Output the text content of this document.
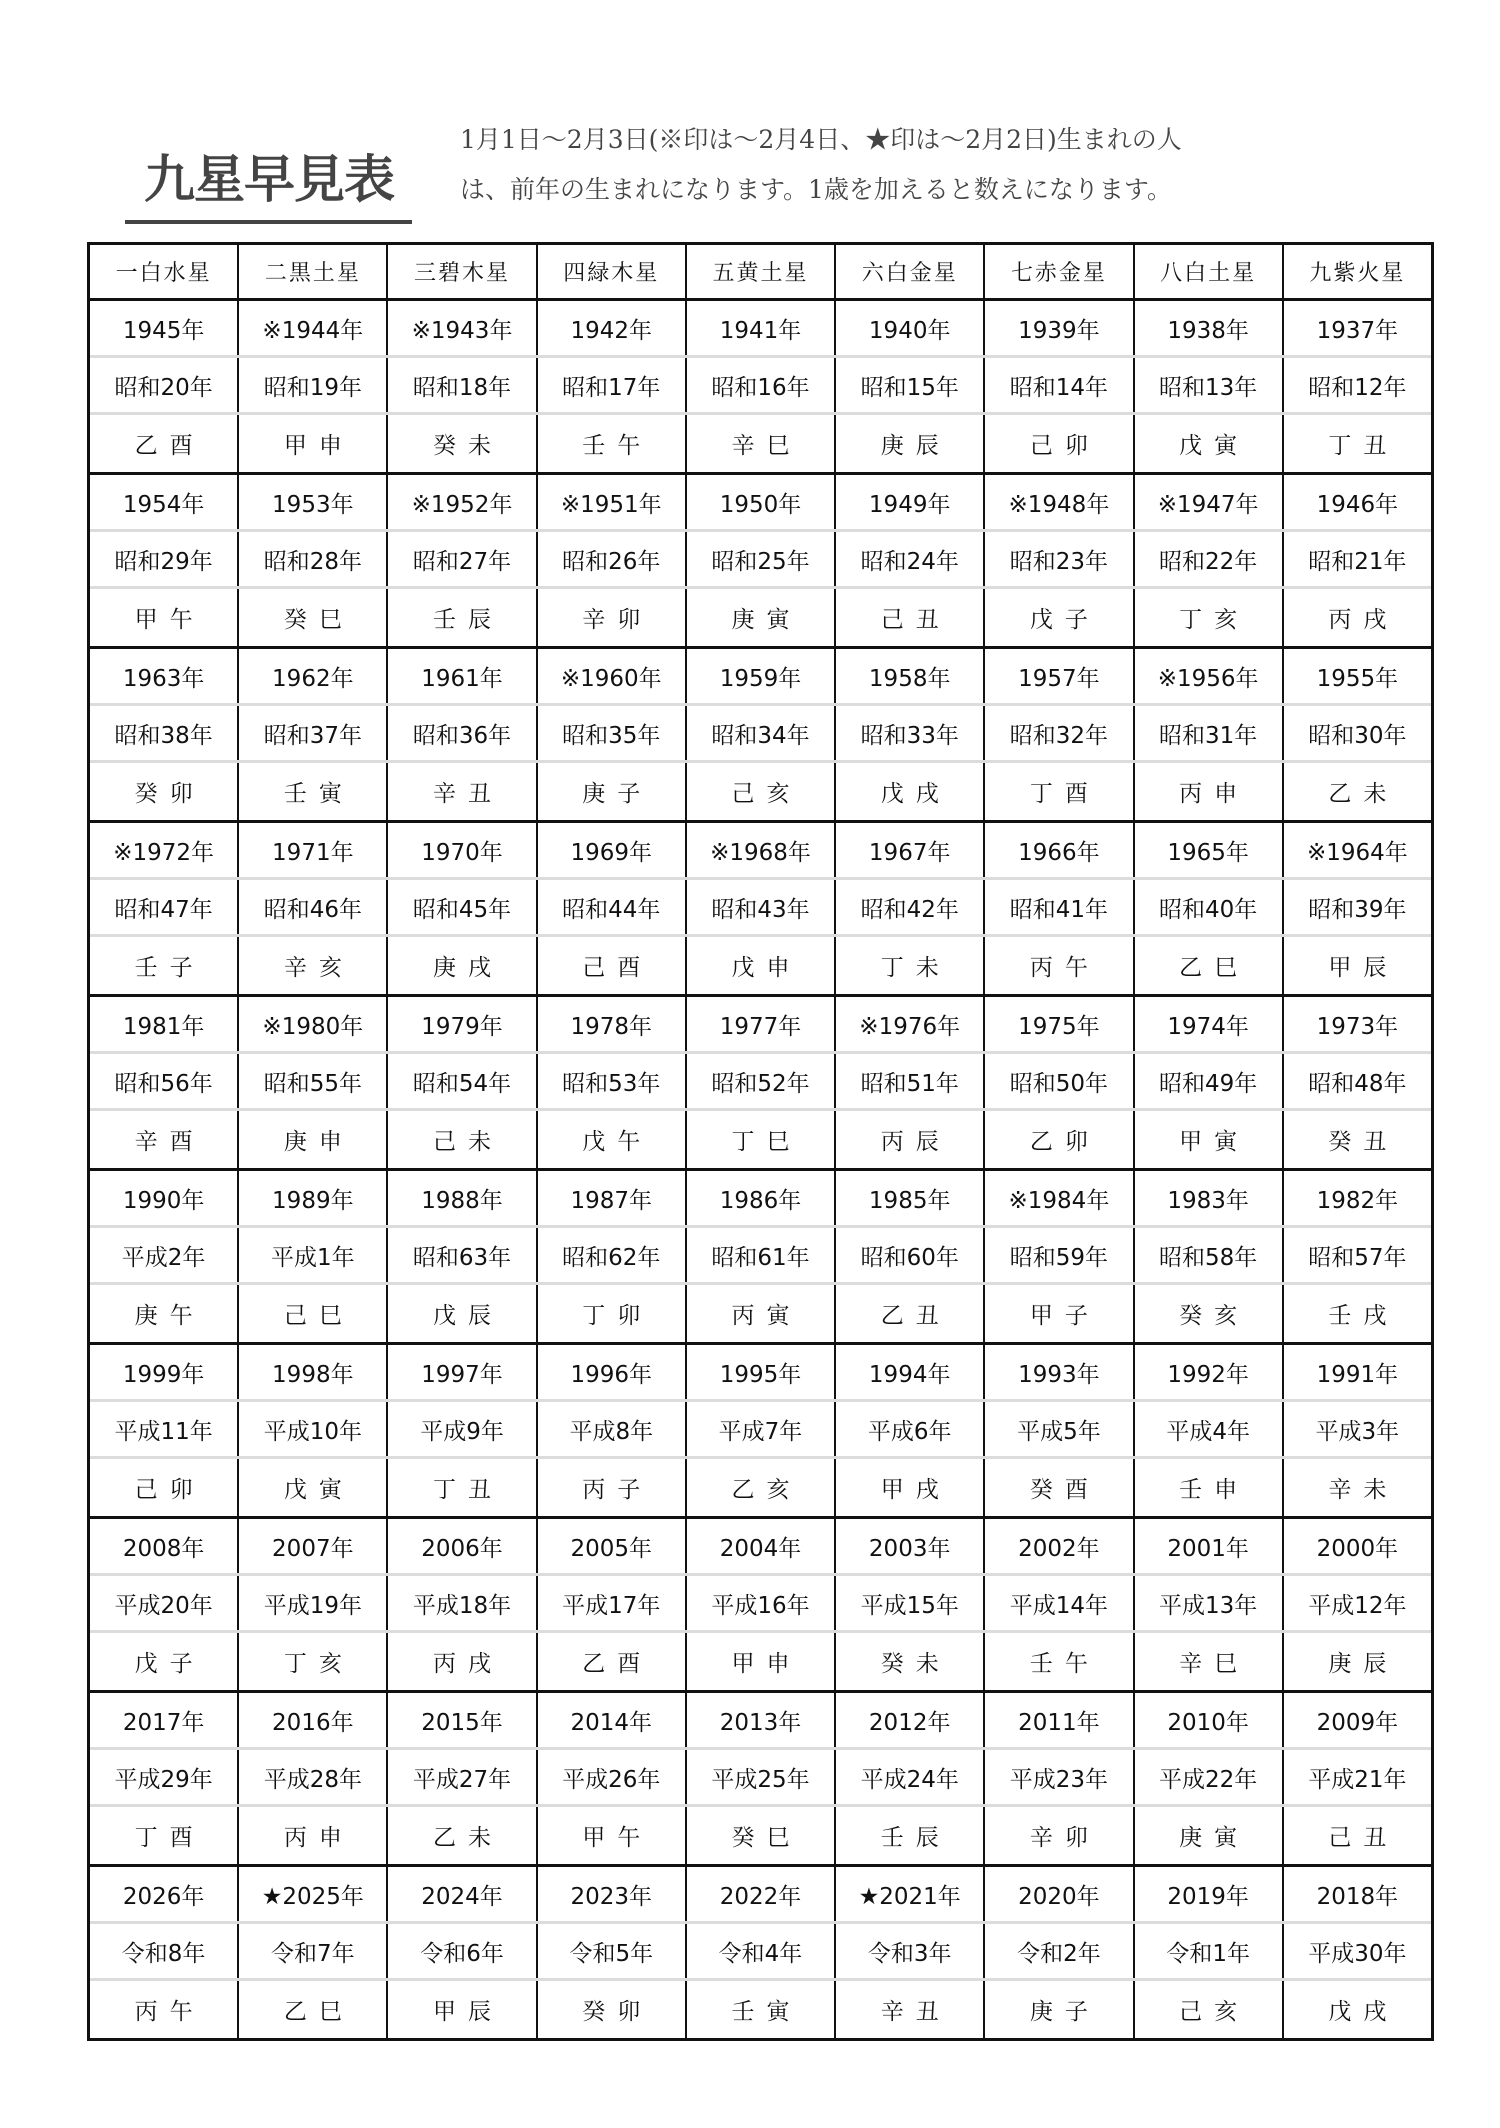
九星早見表
1月1日～2月3日(※印は～2月4日、★印は～2月2日)生まれの人
は、前年の生まれになります。1歳を加えると数えになります。
一白水星	二黒土星	三碧木星	四緑木星	五黄土星	六白金星	七赤金星	八白土星	九紫火星
1945年	※1944年 ※1943年	1942年	1941年	1940年	1939年	1938年	1937年
昭和20年 昭和19年 昭和18年 昭和17年 昭和16年 昭和15年 昭和14年 昭和13年 昭和12年
乙酉	甲申	癸未	壬午	辛巳	庚辰	己卯	戊寅	丁丑
1954年	1953年	※1952年 ※1951年	1950年	1949年	※1948年 ※1947年	1946年
昭和29年 昭和28年 昭和27年 昭和26年 昭和25年 昭和24年 昭和23年 昭和22年 昭和21年
甲午	癸巳	壬辰	辛卯	庚寅	己丑	戊子	丁亥	丙戌
1963年	1962年	1961年	※1960年	1959年	1958年	1957年	※1956年	1955年
昭和38年 昭和37年 昭和36年 昭和35年 昭和34年 昭和33年 昭和32年 昭和31年 昭和30年
癸卯	壬寅	辛丑	庚子	己亥	戊戌	丁酉	丙申	乙未
※1972年	1971年	1970年	1969年	※1968年	1967年	1966年	1965年	※1964年
昭和47年 昭和46年 昭和45年 昭和44年 昭和43年 昭和42年 昭和41年 昭和40年 昭和39年
壬子	辛亥	庚戌	己酉	戊申	丁未	丙午	乙巳	甲辰
1981年	※1980年	1979年	1978年	1977年	※1976年	1975年	1974年	1973年
昭和56年 昭和55年 昭和54年 昭和53年 昭和52年 昭和51年 昭和50年 昭和49年 昭和48年
辛酉	庚申	己未	戊午	丁巳	丙辰	乙卯	甲寅	癸丑
1990年	1989年	1988年	1987年	1986年	1985年	※1984年	1983年	1982年
平成2年	平成1年	昭和63年 昭和62年 昭和61年 昭和60年 昭和59年 昭和58年 昭和57年
庚午	己巳	戊辰	丁卯	丙寅	乙丑	甲子	癸亥	壬戌
1999年	1998年	1997年	1996年	1995年	1994年	1993年	1992年	1991年
平成11年 平成10年	平成9年	平成8年	平成7年	平成6年	平成5年	平成4年	平成3年
己卯	戊寅	丁丑	丙子	乙亥	甲戌	癸酉	壬申	辛未
2008年	2007年	2006年	2005年	2004年	2003年	2002年	2001年	2000年
平成20年 平成19年 平成18年 平成17年 平成16年 平成15年 平成14年 平成13年 平成12年
戊子	丁亥	丙戌	乙酉	甲申	癸未	壬午	辛巳	庚辰
2017年	2016年	2015年	2014年	2013年	2012年	2011年	2010年	2009年
平成29年 平成28年 平成27年 平成26年 平成25年 平成24年 平成23年 平成22年 平成21年
丁酉	丙申	乙未	甲午	癸巳	壬辰	辛卯	庚寅	己丑
2026年 ★2025年 2024年	2023年	2022年 ★2021年 2020年	2019年	2018年
令和8年	令和7年	令和6年	令和5年	令和4年	令和3年	令和2年	令和1年	平成30年
丙午	乙巳	甲辰	癸卯	壬寅	辛丑	庚子	己亥	戊戌
